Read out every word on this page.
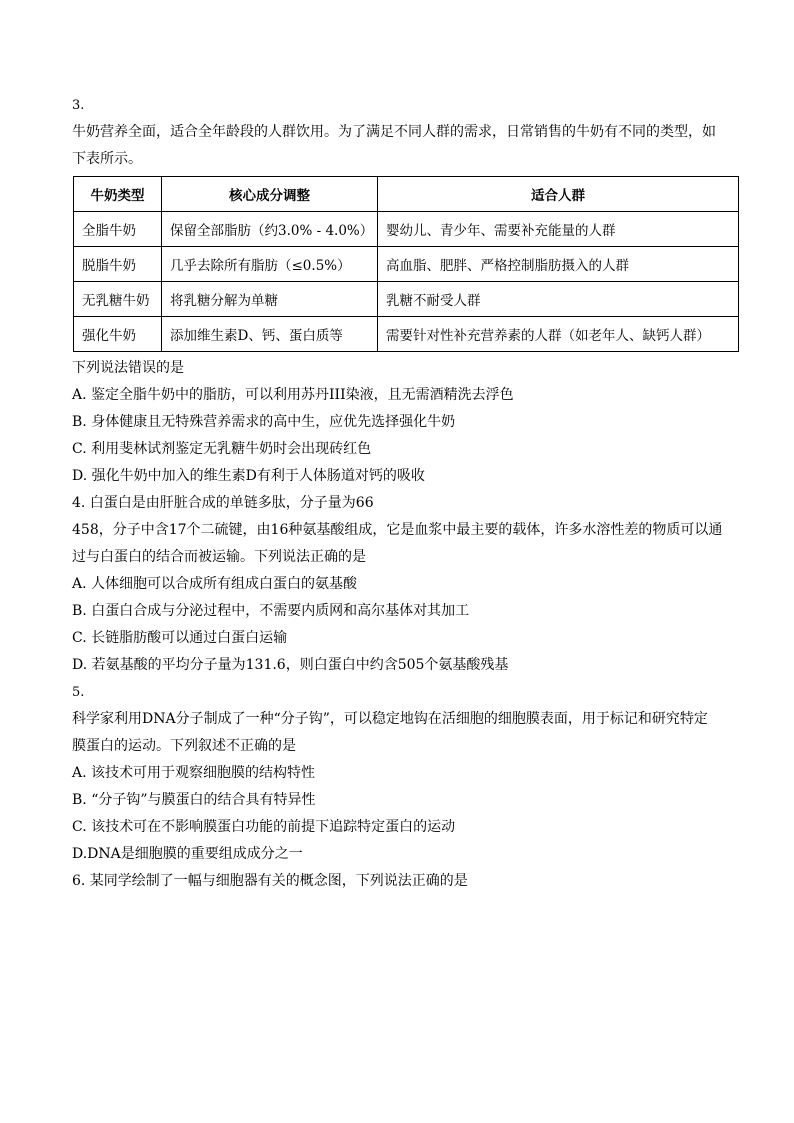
3.
牛奶营养全面，适合全年龄段的人群饮用。为了满足不同人群的需求，日常销售的牛奶有不同的类型，如
下表所示。
牛奶类型	核心成分调整	适合人群
全脂牛奶	保留全部脂肪（约3.0% - 4.0%）	婴幼儿、青少年、需要补充能量的人群
脱脂牛奶	几乎去除所有脂肪（≤0.5%）	高血脂、肥胖、严格控制脂肪摄入的人群
无乳糖牛奶	将乳糖分解为单糖	乳糖不耐受人群
强化牛奶	添加维生素D、钙、蛋白质等	需要针对性补充营养素的人群（如老年人、缺钙人群）
下列说法错误的是
A. 鉴定全脂牛奶中的脂肪，可以利用苏丹III染液，且无需酒精洗去浮色
B. 身体健康且无特殊营养需求的高中生，应优先选择强化牛奶
C. 利用斐林试剂鉴定无乳糖牛奶时会出现砖红色
D. 强化牛奶中加入的维生素D有利于人体肠道对钙的吸收
4. 白蛋白是由肝脏合成的单链多肽，分子量为66
458，分子中含17个二硫键，由16种氨基酸组成，它是血浆中最主要的载体，许多水溶性差的物质可以通
过与白蛋白的结合而被运输。下列说法正确的是
A. 人体细胞可以合成所有组成白蛋白的氨基酸
B. 白蛋白合成与分泌过程中，不需要内质网和高尔基体对其加工
C. 长链脂肪酸可以通过白蛋白运输
D. 若氨基酸的平均分子量为131.6，则白蛋白中约含505个氨基酸残基
5.
科学家利用DNA分子制成了一种“分子钩”，可以稳定地钩在活细胞的细胞膜表面，用于标记和研究特定
膜蛋白的运动。下列叙述不正确的是
A. 该技术可用于观察细胞膜的结构特性
B. “分子钩”与膜蛋白的结合具有特异性
C. 该技术可在不影响膜蛋白功能的前提下追踪特定蛋白的运动
D.DNA是细胞膜的重要组成成分之一
6. 某同学绘制了一幅与细胞器有关的概念图，下列说法正确的是
